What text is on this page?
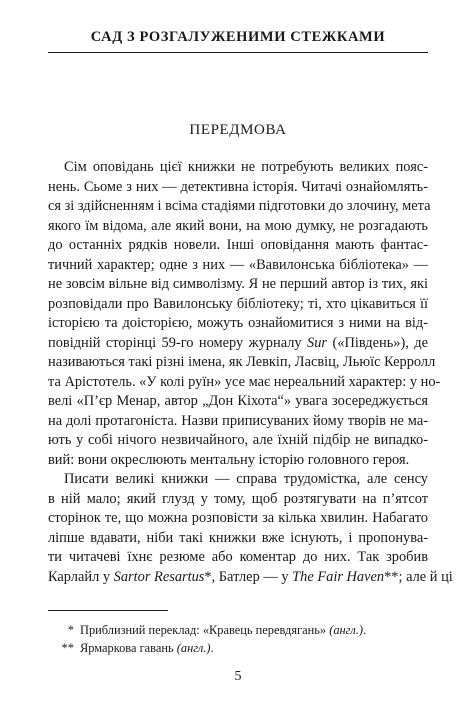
САД З РОЗГАЛУЖЕНИМИ СТЕЖКАМИ
ПЕРЕДМОВА
Сім оповідань цієї книжки не потребують великих пояс-
нень. Сьоме з них — детективна історія. Читачі ознайомлять-
ся зі здійсненням і всіма стадіями підготовки до злочину, мета
якого їм відома, але який вони, на мою думку, не розгадають
до останніх рядків новели. Інші оповідання мають фантас-
тичний характер; одне з них — «Вавилонська бібліотека» —
не зовсім вільне від символізму. Я не перший автор із тих, які
розповідали про Вавилонську бібліотеку; ті, хто цікавиться її
історією та доісторією, можуть ознайомитися з ними на від-
повідній сторінці 59-го номеру журналу Sur («Південь»), де
називаються такі різні імена, як Левкіп, Ласвіц, Льюїс Керролл
та Арістотель. «У колі руїн» усе має нереальний характер: у но-
велі «П’єр Менар, автор „Дон Кіхота“» увага зосереджується
на долі протагоніста. Назви приписуваних йому творів не ма-
ють у собі нічого незвичайного, але їхній підбір не випадко-
вий: вони окреслюють ментальну історію головного героя.
Писати великі книжки — справа трудомістка, але сенсу
в ній мало; який глузд у тому, щоб розтягувати на п’ятсот
сторінок те, що можна розповісти за кілька хвилин. Набагато
ліпше вдавати, ніби такі книжки вже існують, і пропонува-
ти читачеві їхнє резюме або коментар до них. Так зробив
Карлайл у Sartor Resartus*, Батлер — у The Fair Haven**; але й ці
* Приблизний переклад: «Кравець перевдягань» (англ.).
** Ярмаркова гавань (англ.).
5
